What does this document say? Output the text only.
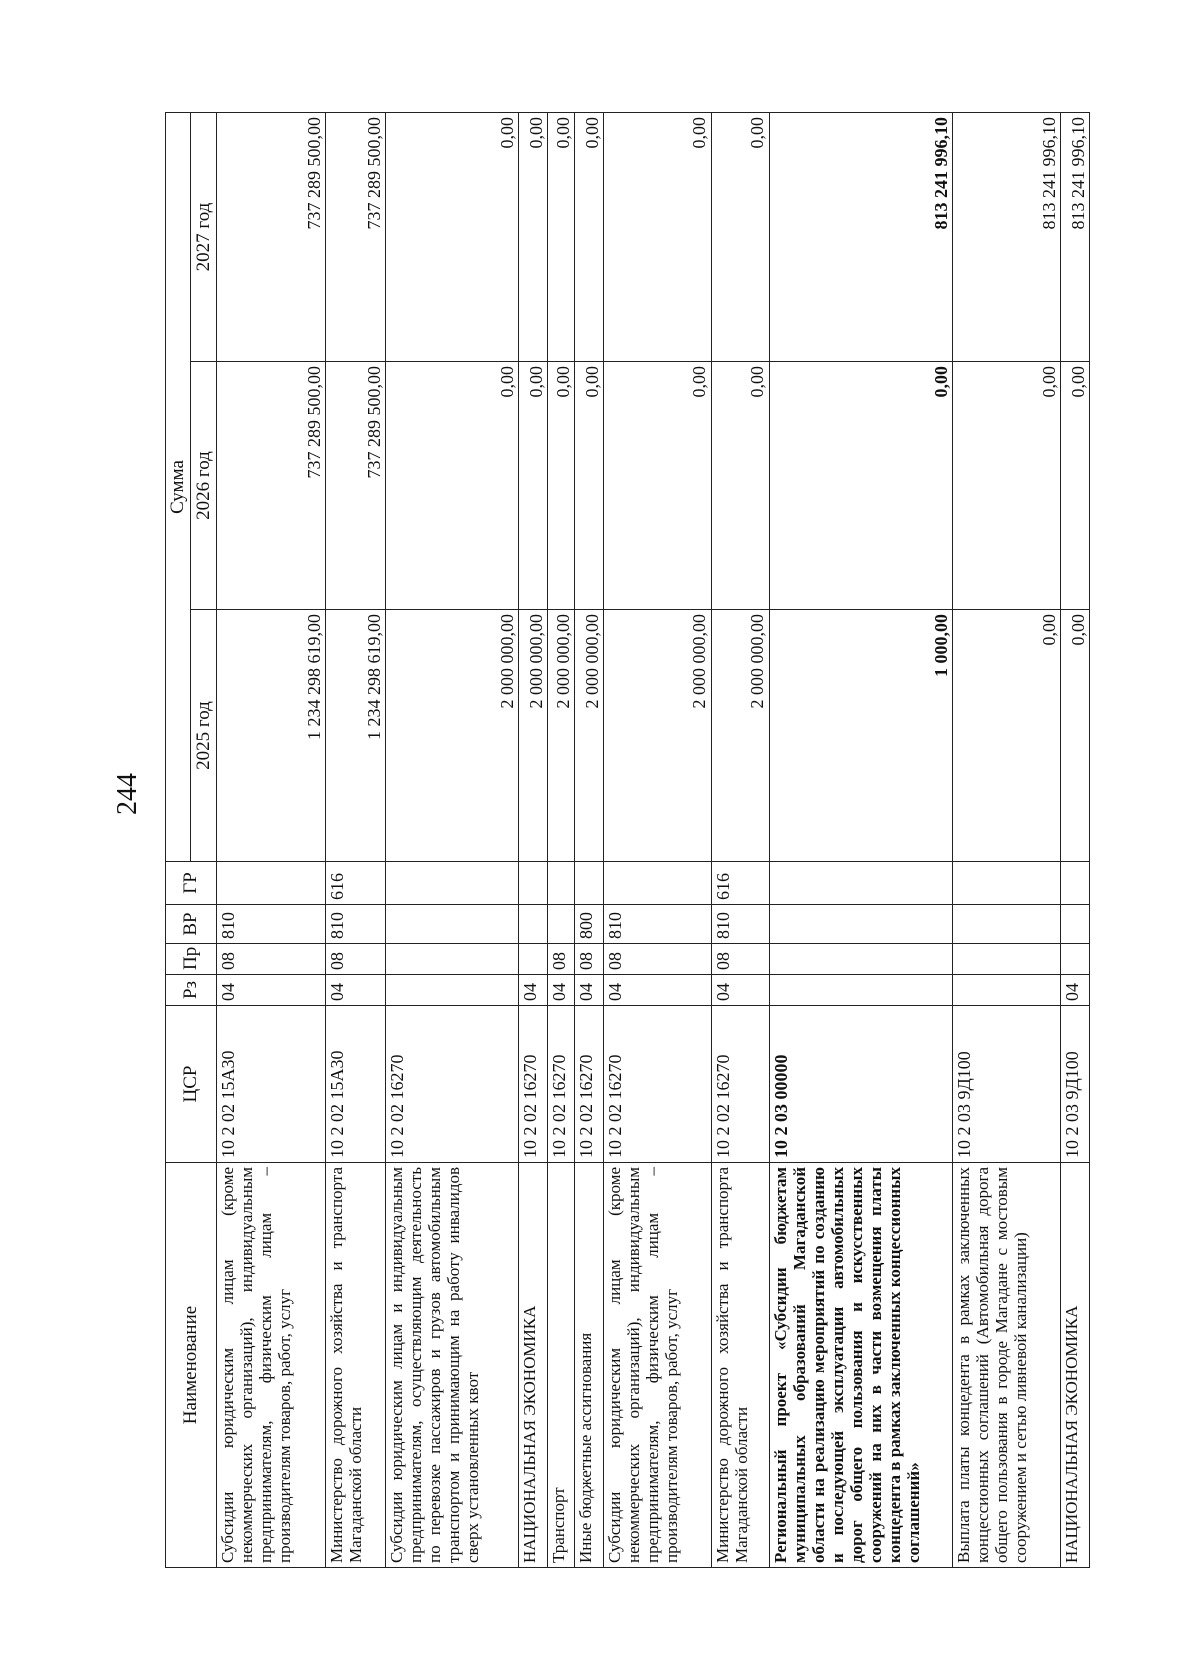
244
Наименование	ЦСР	Рз	Пр	ВР	ГР	Сумма		
						2025 год	2026 год	2027 год
Субсидии юридическим лицам (кроме некоммерческих организаций), индивидуальным предпринимателям, физическим лицам – производителям товаров, работ, услуг	10 2 02 15А30	04	08	810		1 234 298 619,00	737 289 500,00	737 289 500,00
Министерство дорожного хозяйства и транспорта Магаданской области	10 2 02 15А30	04	08	810	616	1 234 298 619,00	737 289 500,00	737 289 500,00
Субсидии юридическим лицам и индивидуальным предпринимателям, осуществляющим деятельность по перевозке пассажиров и грузов автомобильным транспортом и принимающим на работу инвалидов сверх установленных квот	10 2 02 16270					2 000 000,00	0,00	0,00
НАЦИОНАЛЬНАЯ ЭКОНОМИКА	10 2 02 16270	04				2 000 000,00	0,00	0,00
Транспорт	10 2 02 16270	04	08			2 000 000,00	0,00	0,00
Иные бюджетные ассигнования	10 2 02 16270	04	08	800		2 000 000,00	0,00	0,00
Субсидии юридическим лицам (кроме некоммерческих организаций), индивидуальным предпринимателям, физическим лицам – производителям товаров, работ, услуг	10 2 02 16270	04	08	810		2 000 000,00	0,00	0,00
Министерство дорожного хозяйства и транспорта Магаданской области	10 2 02 16270	04	08	810	616	2 000 000,00	0,00	0,00
Региональный проект «Субсидии бюджетам муниципальных образований Магаданской области на реализацию мероприятий по созданию и последующей эксплуатации автомобильных дорог общего пользования и искусственных сооружений на них в части возмещения платы концедента в рамках заключенных концессионных соглашений»	10 2 03 00000					1 000,00	0,00	813 241 996,10
Выплата платы концедента в рамках заключенных концессионных соглашений (Автомобильная дорога общего пользования в городе Магадане с мостовым сооружением и сетью ливневой канализации)	10 2 03 9Д100					0,00	0,00	813 241 996,10
НАЦИОНАЛЬНАЯ ЭКОНОМИКА	10 2 03 9Д100	04				0,00	0,00	813 241 996,10
